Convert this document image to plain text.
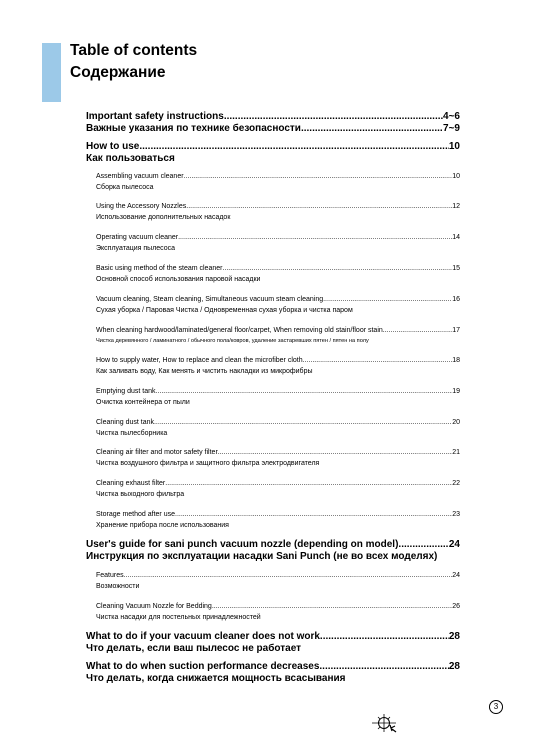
Table of contents
Содержание
Important safety instructions .....	4~6
Важные указания по технике безопасности .....	7~9
How to use .....	10
Как пользоваться
Assembling vacuum cleaner .....	10
Сборка пылесоса
Using the Accessory Nozzles .....	12
Использование дополнительных насадок
Operating vacuum cleaner .....	14
Эксплуатация пылесоса
Basic using method of the steam cleaner .....	15
Основной способ использования паровой насадки
Vacuum cleaning, Steam cleaning, Simultaneous vacuum steam cleaning .....	16
Сухая уборка / Паровая Чистка / Одновременная сухая уборка и чистка паром
When cleaning hardwood/laminated/general floor/carpet, When removing old stain/floor stain .....	17
Чистка деревянного / ламинатного / обычного пола/ковров, удаление застаревших пятен / пятен на полу
How to supply water, How to replace and clean the microfiber cloth .....	18
Как заливать воду, Как менять и чистить накладки из микрофибры
Emptying dust tank .....	19
Очистка контейнера от пыли
Cleaning dust tank .....	20
Чистка пылесборника
Cleaning air filter and motor safety filter .....	21
Чистка воздушного фильтра и защитного фильтра электродвигателя
Cleaning exhaust filter .....	22
Чистка выходного фильтра
Storage method after use .....	23
Хранение прибора после использования
User's guide for sani punch vacuum nozzle (depending on model) .....	24
Инструкция по эксплуатации насадки Sani Punch (не во всех моделях)
Features .....	24
Возможности
Cleaning Vacuum Nozzle for Bedding .....	26
Чистка насадки для постельных принадлежностей
What to do if your vacuum cleaner does not work .....	28
Что делать, если ваш пылесос не работает
What to do when suction performance decreases .....	28
Что делать, когда снижается мощность всасывания
3
